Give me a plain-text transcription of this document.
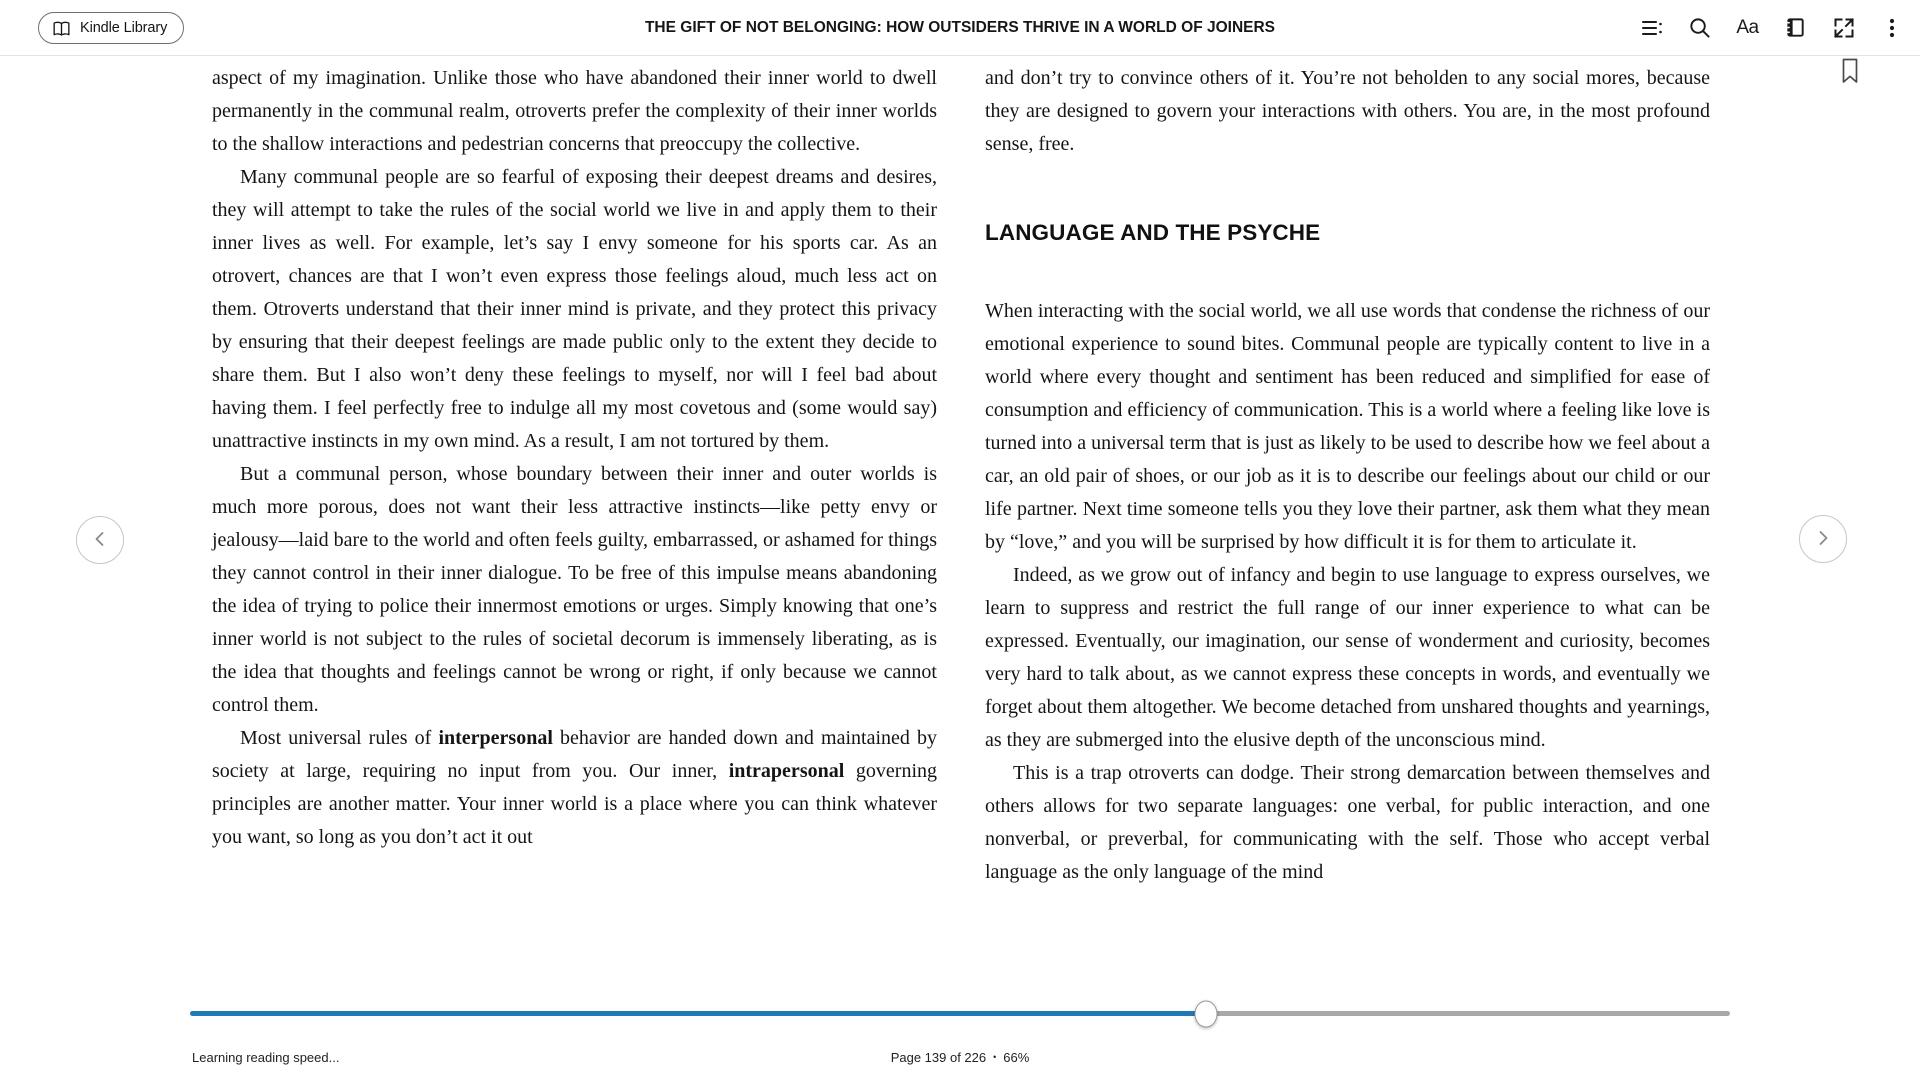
Kindle Library	THE GIFT OF NOT BELONGING: HOW OUTSIDERS THRIVE IN A WORLD OF JOINERS	Aa

aspect of my imagination. Unlike those who have abandoned their inner world to dwell permanently in the communal realm, otroverts prefer the complexity of their inner worlds to the shallow interactions and pedestrian concerns that preoccupy the collective.

Many communal people are so fearful of exposing their deepest dreams and desires, they will attempt to take the rules of the social world we live in and apply them to their inner lives as well. For example, let’s say I envy someone for his sports car. As an otrovert, chances are that I won’t even express those feelings aloud, much less act on them. Otroverts understand that their inner mind is private, and they protect this privacy by ensuring that their deepest feelings are made public only to the extent they decide to share them. But I also won’t deny these feelings to myself, nor will I feel bad about having them. I feel perfectly free to indulge all my most covetous and (some would say) unattractive instincts in my own mind. As a result, I am not tortured by them.

But a communal person, whose boundary between their inner and outer worlds is much more porous, does not want their less attractive instincts—like petty envy or jealousy—laid bare to the world and often feels guilty, embarrassed, or ashamed for things they cannot control in their inner dialogue. To be free of this impulse means abandoning the idea of trying to police their innermost emotions or urges. Simply knowing that one’s inner world is not subject to the rules of societal decorum is immensely liberating, as is the idea that thoughts and feelings cannot be wrong or right, if only because we cannot control them.

Most universal rules of interpersonal behavior are handed down and maintained by society at large, requiring no input from you. Our inner, intrapersonal governing principles are another matter. Your inner world is a place where you can think whatever you want, so long as you don’t act it out

and don’t try to convince others of it. You’re not beholden to any social mores, because they are designed to govern your interactions with others. You are, in the most profound sense, free.

LANGUAGE AND THE PSYCHE

When interacting with the social world, we all use words that condense the richness of our emotional experience to sound bites. Communal people are typically content to live in a world where every thought and sentiment has been reduced and simplified for ease of consumption and efficiency of communication. This is a world where a feeling like love is turned into a universal term that is just as likely to be used to describe how we feel about a car, an old pair of shoes, or our job as it is to describe our feelings about our child or our life partner. Next time someone tells you they love their partner, ask them what they mean by “love,” and you will be surprised by how difficult it is for them to articulate it.

Indeed, as we grow out of infancy and begin to use language to express ourselves, we learn to suppress and restrict the full range of our inner experience to what can be expressed. Eventually, our imagination, our sense of wonderment and curiosity, becomes very hard to talk about, as we cannot express these concepts in words, and eventually we forget about them altogether. We become detached from unshared thoughts and yearnings, as they are submerged into the elusive depth of the unconscious mind.

This is a trap otroverts can dodge. Their strong demarcation between themselves and others allows for two separate languages: one verbal, for public interaction, and one nonverbal, or preverbal, for communicating with the self. Those who accept verbal language as the only language of the mind

Learning reading speed...	Page 139 of 226 • 66%
